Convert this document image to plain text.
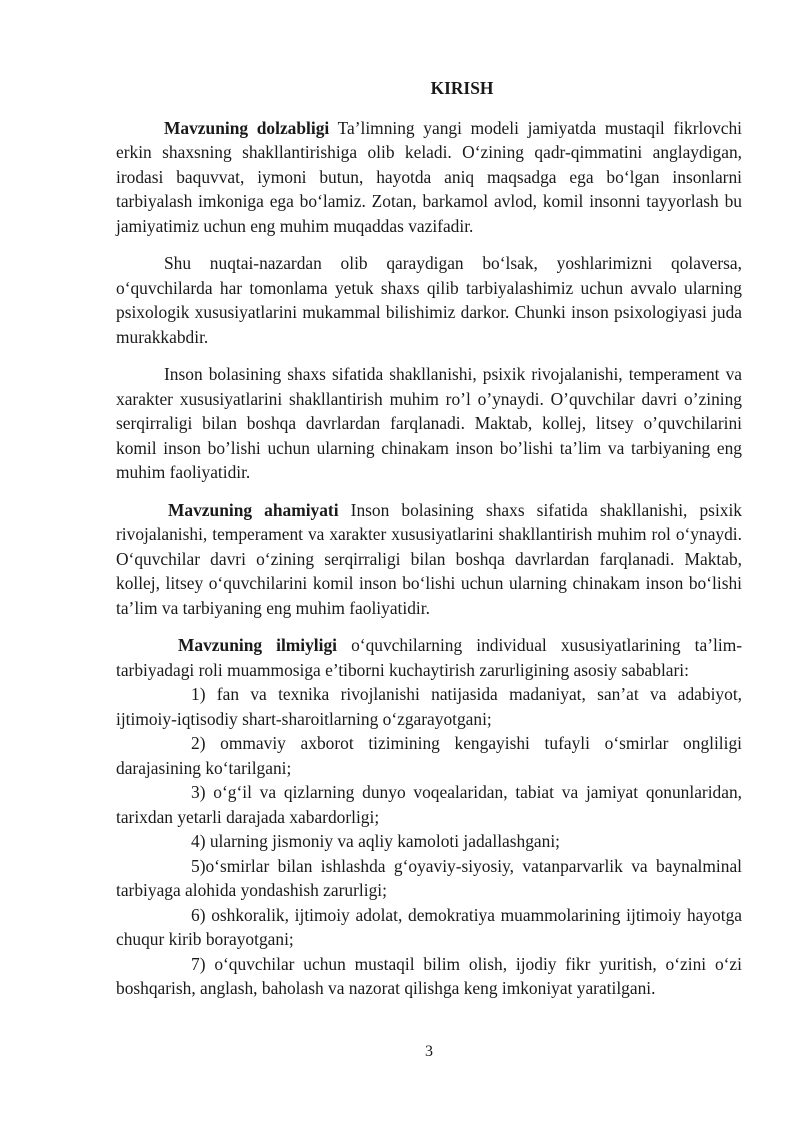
KIRISH

Mavzuning dolzabligi Ta’limning yangi modeli jamiyatda mustaqil fikrlovchi erkin shaxsning shakllantirishiga olib keladi. O‘zining qadr-qimmatini anglaydigan, irodasi baquvvat, iymoni butun, hayotda aniq maqsadga ega bo‘lgan insonlarni tarbiyalash imkoniga ega bo‘lamiz. Zotan, barkamol avlod, komil insonni tayyorlash bu jamiyatimiz uchun eng muhim muqaddas vazifadir.

Shu nuqtai-nazardan olib qaraydigan bo‘lsak, yoshlarimizni qolaversa, o‘quvchilarda har tomonlama yetuk shaxs qilib tarbiyalashimiz uchun avvalo ularning psixologik xususiyatlarini mukammal bilishimiz darkor. Chunki inson psixologiyasi juda murakkabdir.

Inson bolasining shaxs sifatida shakllanishi, psixik rivojalanishi, temperament va xarakter xususiyatlarini shakllantirish muhim ro’l o’ynaydi. O’quvchilar davri o’zining serqirraligi bilan boshqa davrlardan farqlanadi. Maktab, kollej, litsey o’quvchilarini komil inson bo’lishi uchun ularning chinakam inson bo’lishi ta’lim va tarbiyaning eng muhim faoliyatidir.

Mavzuning ahamiyati Inson bolasining shaxs sifatida shakllanishi, psixik rivojalanishi, temperament va xarakter xususiyatlarini shakllantirish muhim rol o‘ynaydi. O‘quvchilar davri o‘zining serqirraligi bilan boshqa davrlardan farqlanadi. Maktab, kollej, litsey o‘quvchilarini komil inson bo‘lishi uchun ularning chinakam inson bo‘lishi ta’lim va tarbiyaning eng muhim faoliyatidir.

Mavzuning ilmiyligi o‘quvchilarning individual xususiyatlarining ta’lim-tarbiyadagi roli muammosiga e’tiborni kuchaytirish zarurligining asosiy sabablari:

1) fan va texnika rivojlanishi natijasida madaniyat, san’at va adabiyot, ijtimoiy-iqtisodiy shart-sharoitlarning o‘zgarayotgani;

2) ommaviy axborot tizimining kengayishi tufayli o‘smirlar ongliligi darajasining ko‘tarilgani;

3) o‘g‘il va qizlarning dunyo voqealaridan, tabiat va jamiyat qonunlaridan, tarixdan yetarli darajada xabardorligi;

4) ularning jismoniy va aqliy kamoloti jadallashgani;

5)o‘smirlar bilan ishlashda g‘oyaviy-siyosiy, vatanparvarlik va baynalminal tarbiyaga alohida yondashish zarurligi;

6) oshkoralik, ijtimoiy adolat, demokratiya muammolarining ijtimoiy hayotga chuqur kirib borayotgani;

7) o‘quvchilar uchun mustaqil bilim olish, ijodiy fikr yuritish, o‘zini o‘zi boshqarish, anglash, baholash va nazorat qilishga keng imkoniyat yaratilgani.

3
